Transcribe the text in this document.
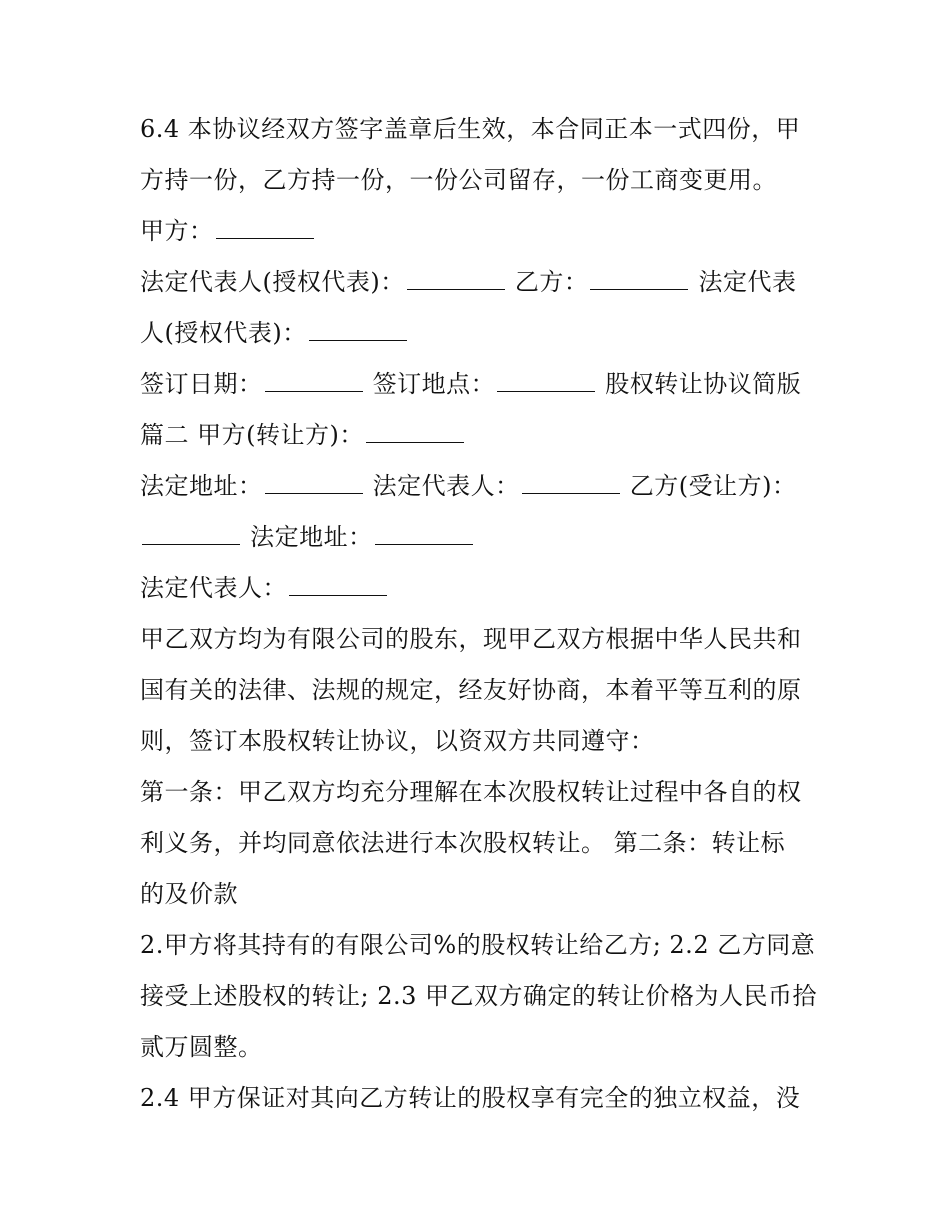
6.4 本协议经双方签字盖章后生效，本合同正本一式四份，甲
方持一份，乙方持一份，一份公司留存，一份工商变更用。
甲方：
法定代表人(授权代表)：	乙方：	法定代表
人(授权代表)：
签订日期：	签订地点：	股权转让协议简版
篇二 甲方(转让方)：
法定地址：	法定代表人：	乙方(受让方)：
法定地址：
法定代表人：
甲乙双方均为有限公司的股东，现甲乙双方根据中华人民共和
国有关的法律、法规的规定，经友好协商，本着平等互利的原
则，签订本股权转让协议，以资双方共同遵守：
第一条：甲乙双方均充分理解在本次股权转让过程中各自的权
利义务，并均同意依法进行本次股权转让。 第二条：转让标
的及价款
2.甲方将其持有的有限公司%的股权转让给乙方; 2.2 乙方同意
接受上述股权的转让; 2.3 甲乙双方确定的转让价格为人民币拾
贰万圆整。
2.4 甲方保证对其向乙方转让的股权享有完全的独立权益，没
